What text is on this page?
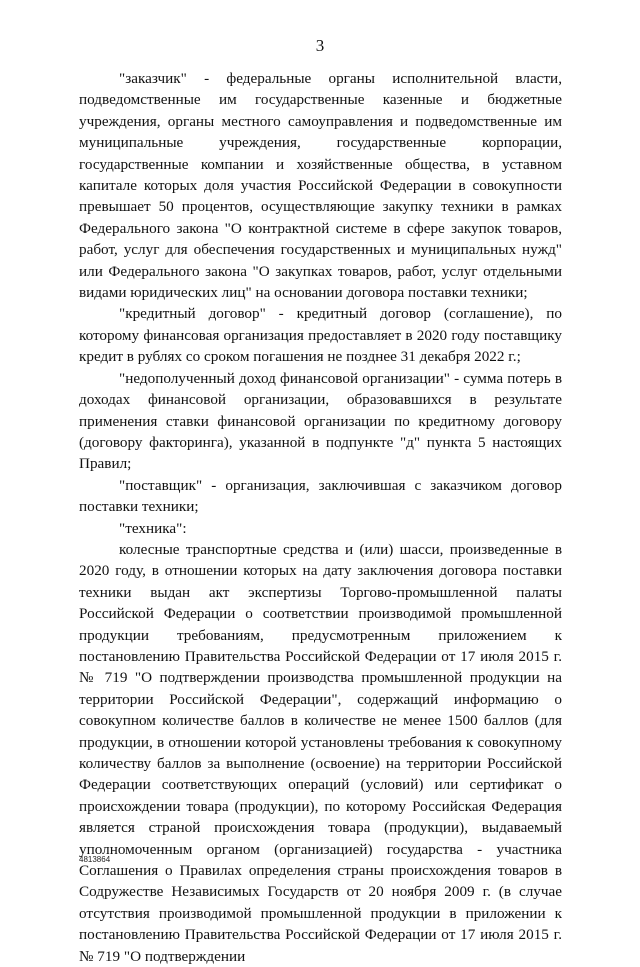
3

"заказчик" - федеральные органы исполнительной власти, подведомственные им государственные казенные и бюджетные учреждения, органы местного самоуправления и подведомственные им муниципальные учреждения, государственные корпорации, государственные компании и хозяйственные общества, в уставном капитале которых доля участия Российской Федерации в совокупности превышает 50 процентов, осуществляющие закупку техники в рамках Федерального закона "О контрактной системе в сфере закупок товаров, работ, услуг для обеспечения государственных и муниципальных нужд" или Федерального закона "О закупках товаров, работ, услуг отдельными видами юридических лиц" на основании договора поставки техники;

"кредитный договор" - кредитный договор (соглашение), по которому финансовая организация предоставляет в 2020 году поставщику кредит в рублях со сроком погашения не позднее 31 декабря 2022 г.;

"недополученный доход финансовой организации" - сумма потерь в доходах финансовой организации, образовавшихся в результате применения ставки финансовой организации по кредитному договору (договору факторинга), указанной в подпункте "д" пункта 5 настоящих Правил;

"поставщик" - организация, заключившая с заказчиком договор поставки техники;

"техника":

колесные транспортные средства и (или) шасси, произведенные в 2020 году, в отношении которых на дату заключения договора поставки техники выдан акт экспертизы Торгово-промышленной палаты Российской Федерации о соответствии производимой промышленной продукции требованиям, предусмотренным приложением к постановлению Правительства Российской Федерации от 17 июля 2015 г. № 719 "О подтверждении производства промышленной продукции на территории Российской Федерации", содержащий информацию о совокупном количестве баллов в количестве не менее 1500 баллов (для продукции, в отношении которой установлены требования к совокупному количеству баллов за выполнение (освоение) на территории Российской Федерации соответствующих операций (условий) или сертификат о происхождении товара (продукции), по которому Российская Федерация является страной происхождения товара (продукции), выдаваемый уполномоченным органом (организацией) государства - участника Соглашения о Правилах определения страны происхождения товаров в Содружестве Независимых Государств от 20 ноября 2009 г. (в случае отсутствия производимой промышленной продукции в приложении к постановлению Правительства Российской Федерации от 17 июля 2015 г. № 719 "О подтверждении

4813864
